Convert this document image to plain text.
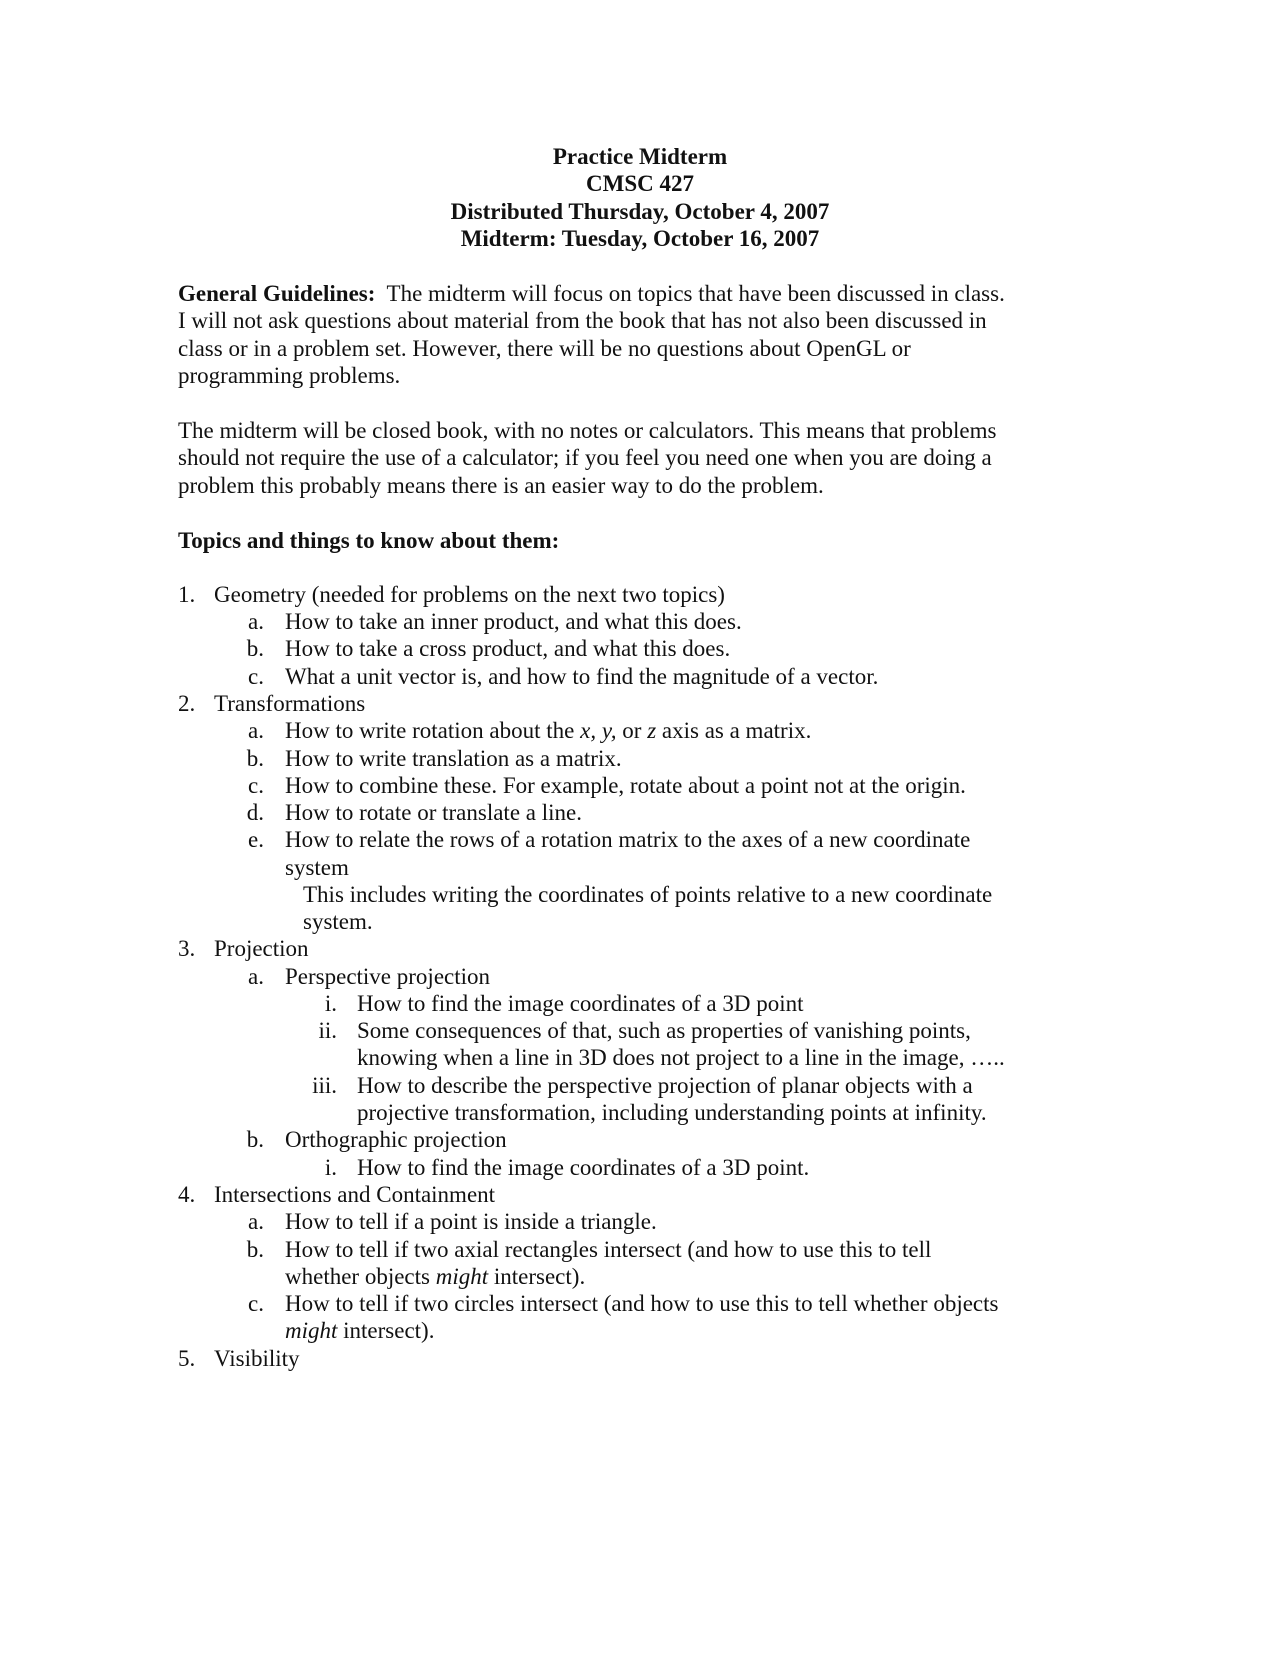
Practice Midterm
CMSC 427
Distributed Thursday, October 4, 2007
Midterm: Tuesday, October 16, 2007
General Guidelines: The midterm will focus on topics that have been discussed in class.
I will not ask questions about material from the book that has not also been discussed in
class or in a problem set. However, there will be no questions about OpenGL or
programming problems.
The midterm will be closed book, with no notes or calculators. This means that problems
should not require the use of a calculator; if you feel you need one when you are doing a
problem this probably means there is an easier way to do the problem.
Topics and things to know about them:
1. Geometry (needed for problems on the next two topics)
a. How to take an inner product, and what this does.
b. How to take a cross product, and what this does.
c. What a unit vector is, and how to find the magnitude of a vector.
2. Transformations
a. How to write rotation about the x, y, or z axis as a matrix.
b. How to write translation as a matrix.
c. How to combine these. For example, rotate about a point not at the origin.
d. How to rotate or translate a line.
e. How to relate the rows of a rotation matrix to the axes of a new coordinate
system
This includes writing the coordinates of points relative to a new coordinate
system.
3. Projection
a. Perspective projection
i. How to find the image coordinates of a 3D point
ii. Some consequences of that, such as properties of vanishing points,
knowing when a line in 3D does not project to a line in the image, …..
iii. How to describe the perspective projection of planar objects with a
projective transformation, including understanding points at infinity.
b. Orthographic projection
i. How to find the image coordinates of a 3D point.
4. Intersections and Containment
a. How to tell if a point is inside a triangle.
b. How to tell if two axial rectangles intersect (and how to use this to tell
whether objects might intersect).
c. How to tell if two circles intersect (and how to use this to tell whether objects
might intersect).
5. Visibility
